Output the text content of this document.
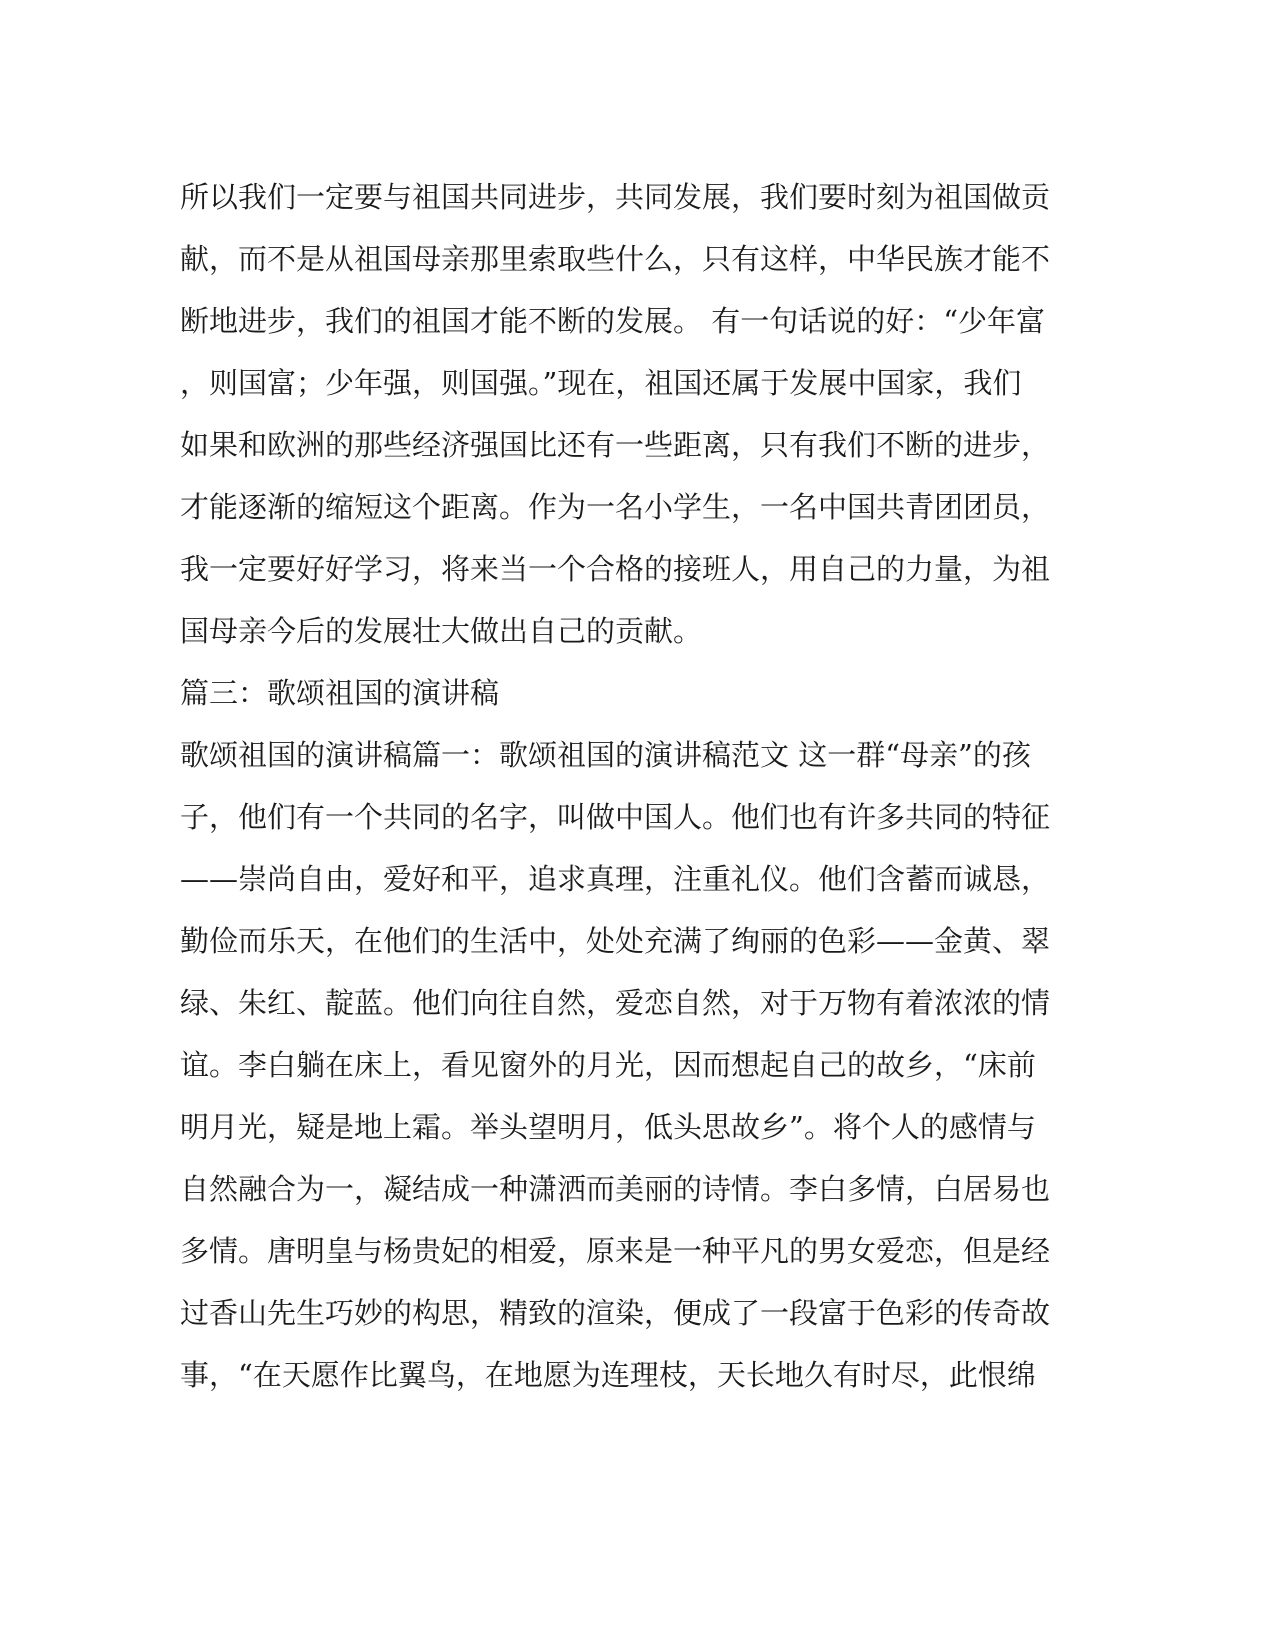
所以我们一定要与祖国共同进步，共同发展，我们要时刻为祖国做贡
献，而不是从祖国母亲那里索取些什么，只有这样，中华民族才能不
断地进步，我们的祖国才能不断的发展。 有一句话说的好：“少年富
，则国富；少年强，则国强。”现在，祖国还属于发展中国家，我们
如果和欧洲的那些经济强国比还有一些距离，只有我们不断的进步，
才能逐渐的缩短这个距离。作为一名小学生，一名中国共青团团员，
我一定要好好学习，将来当一个合格的接班人，用自己的力量，为祖
国母亲今后的发展壮大做出自己的贡献。
篇三：歌颂祖国的演讲稿
歌颂祖国的演讲稿篇一：歌颂祖国的演讲稿范文 这一群“母亲”的孩
子，他们有一个共同的名字，叫做中国人。他们也有许多共同的特征
——崇尚自由，爱好和平，追求真理，注重礼仪。他们含蓄而诚恳，
勤俭而乐天，在他们的生活中，处处充满了绚丽的色彩——金黄、翠
绿、朱红、靛蓝。他们向往自然，爱恋自然，对于万物有着浓浓的情
谊。李白躺在床上，看见窗外的月光，因而想起自己的故乡，“床前
明月光，疑是地上霜。举头望明月，低头思故乡”。将个人的感情与
自然融合为一，凝结成一种潇洒而美丽的诗情。李白多情，白居易也
多情。唐明皇与杨贵妃的相爱，原来是一种平凡的男女爱恋，但是经
过香山先生巧妙的构思，精致的渲染，便成了一段富于色彩的传奇故
事，“在天愿作比翼鸟，在地愿为连理枝，天长地久有时尽，此恨绵
